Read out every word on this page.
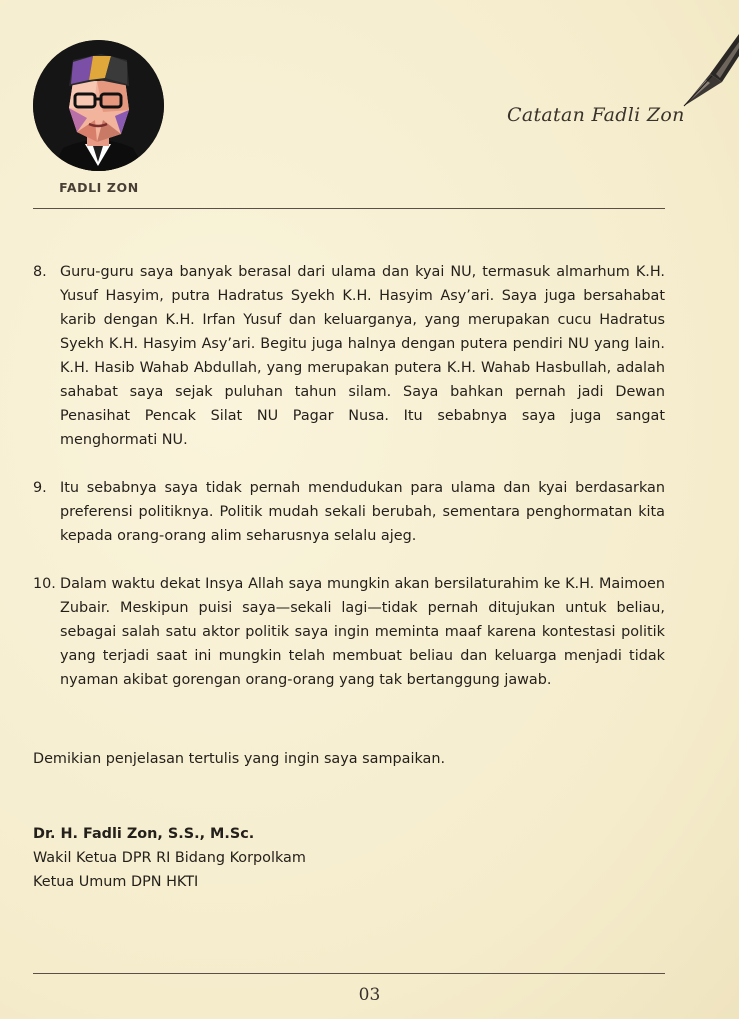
FADLI ZON
Catatan Fadli Zon
8. Guru-guru saya banyak berasal dari ulama dan kyai NU, termasuk almarhum K.H. Yusuf Hasyim, putra Hadratus Syekh K.H. Hasyim Asy’ari. Saya juga bersahabat karib dengan K.H. Irfan Yusuf dan keluarganya, yang merupakan cucu Hadratus Syekh K.H. Hasyim Asy’ari. Begitu juga halnya dengan putera pendiri NU yang lain. K.H. Hasib Wahab Abdullah, yang merupakan putera K.H. Wahab Hasbullah, adalah sahabat saya sejak puluhan tahun silam. Saya bahkan pernah jadi Dewan Penasihat Pencak Silat NU Pagar Nusa. Itu sebabnya saya juga sangat menghormati NU.
9. Itu sebabnya saya tidak pernah mendudukan para ulama dan kyai berdasarkan preferensi politiknya. Politik mudah sekali berubah, sementara penghormatan kita kepada orang-orang alim seharusnya selalu ajeg.
10. Dalam waktu dekat Insya Allah saya mungkin akan bersilaturahim ke K.H. Maimoen Zubair. Meskipun puisi saya—sekali lagi—tidak pernah ditujukan untuk beliau, sebagai salah satu aktor politik saya ingin meminta maaf karena kontestasi politik yang terjadi saat ini mungkin telah membuat beliau dan keluarga menjadi tidak nyaman akibat gorengan orang-orang yang tak bertanggung jawab.
Demikian penjelasan tertulis yang ingin saya sampaikan.
Dr. H. Fadli Zon, S.S., M.Sc.
Wakil Ketua DPR RI Bidang Korpolkam
Ketua Umum DPN HKTI
03
